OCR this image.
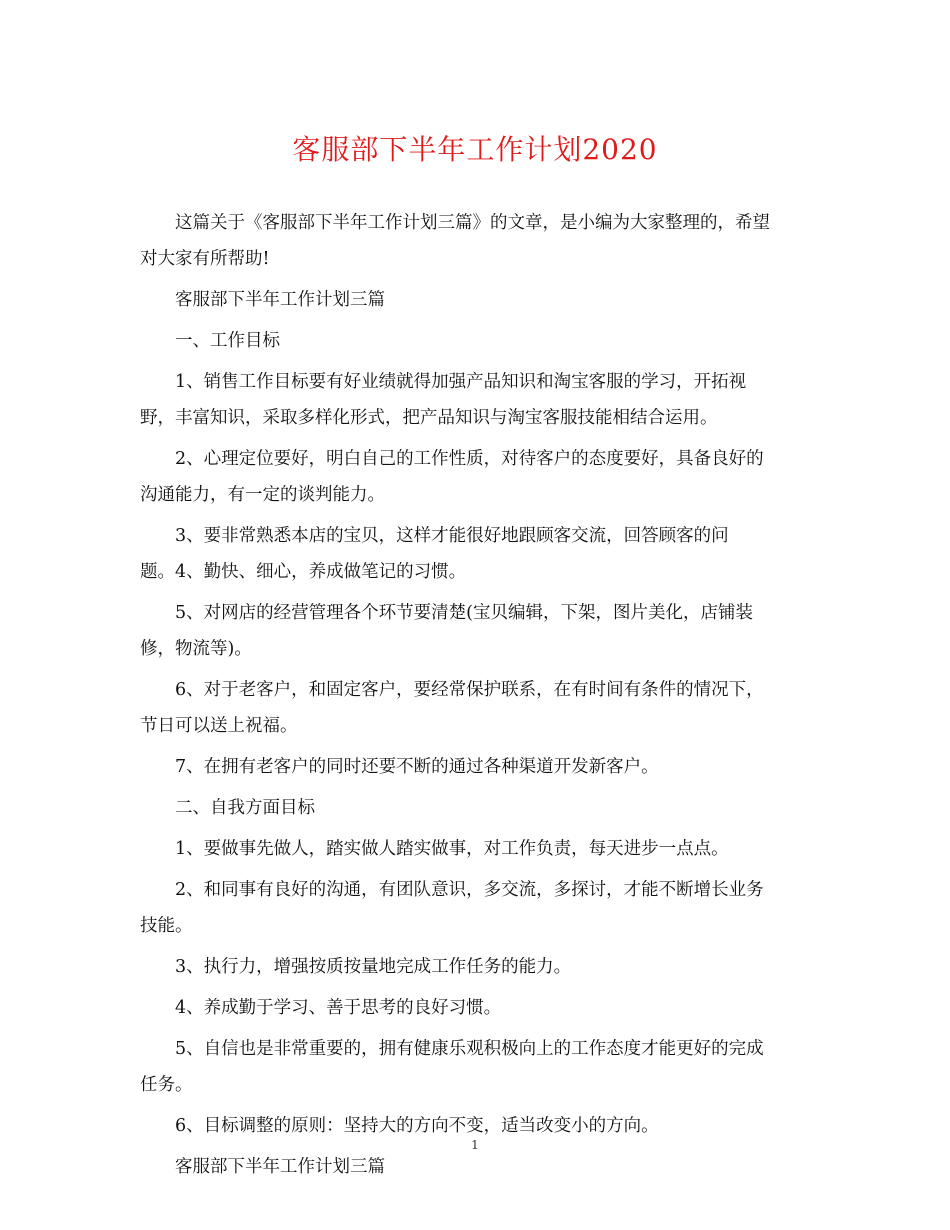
客服部下半年工作计划2020

这篇关于《客服部下半年工作计划三篇》的文章，是小编为大家整理的，希望

对大家有所帮助!

客服部下半年工作计划三篇

一、工作目标

1、销售工作目标要有好业绩就得加强产品知识和淘宝客服的学习，开拓视

野，丰富知识，采取多样化形式，把产品知识与淘宝客服技能相结合运用。

2、心理定位要好，明白自己的工作性质，对待客户的态度要好，具备良好的

沟通能力，有一定的谈判能力。

3、要非常熟悉本店的宝贝，这样才能很好地跟顾客交流，回答顾客的问

题。4、勤快、细心，养成做笔记的习惯。

5、对网店的经营管理各个环节要清楚(宝贝编辑，下架，图片美化，店铺装

修，物流等)。

6、对于老客户，和固定客户，要经常保护联系，在有时间有条件的情况下，

节日可以送上祝福。

7、在拥有老客户的同时还要不断的通过各种渠道开发新客户。

二、自我方面目标

1、要做事先做人，踏实做人踏实做事，对工作负责，每天进步一点点。

2、和同事有良好的沟通，有团队意识，多交流，多探讨，才能不断增长业务

技能。

3、执行力，增强按质按量地完成工作任务的能力。

4、养成勤于学习、善于思考的良好习惯。

5、自信也是非常重要的，拥有健康乐观积极向上的工作态度才能更好的完成

任务。

6、目标调整的原则：坚持大的方向不变，适当改变小的方向。

客服部下半年工作计划三篇

1
